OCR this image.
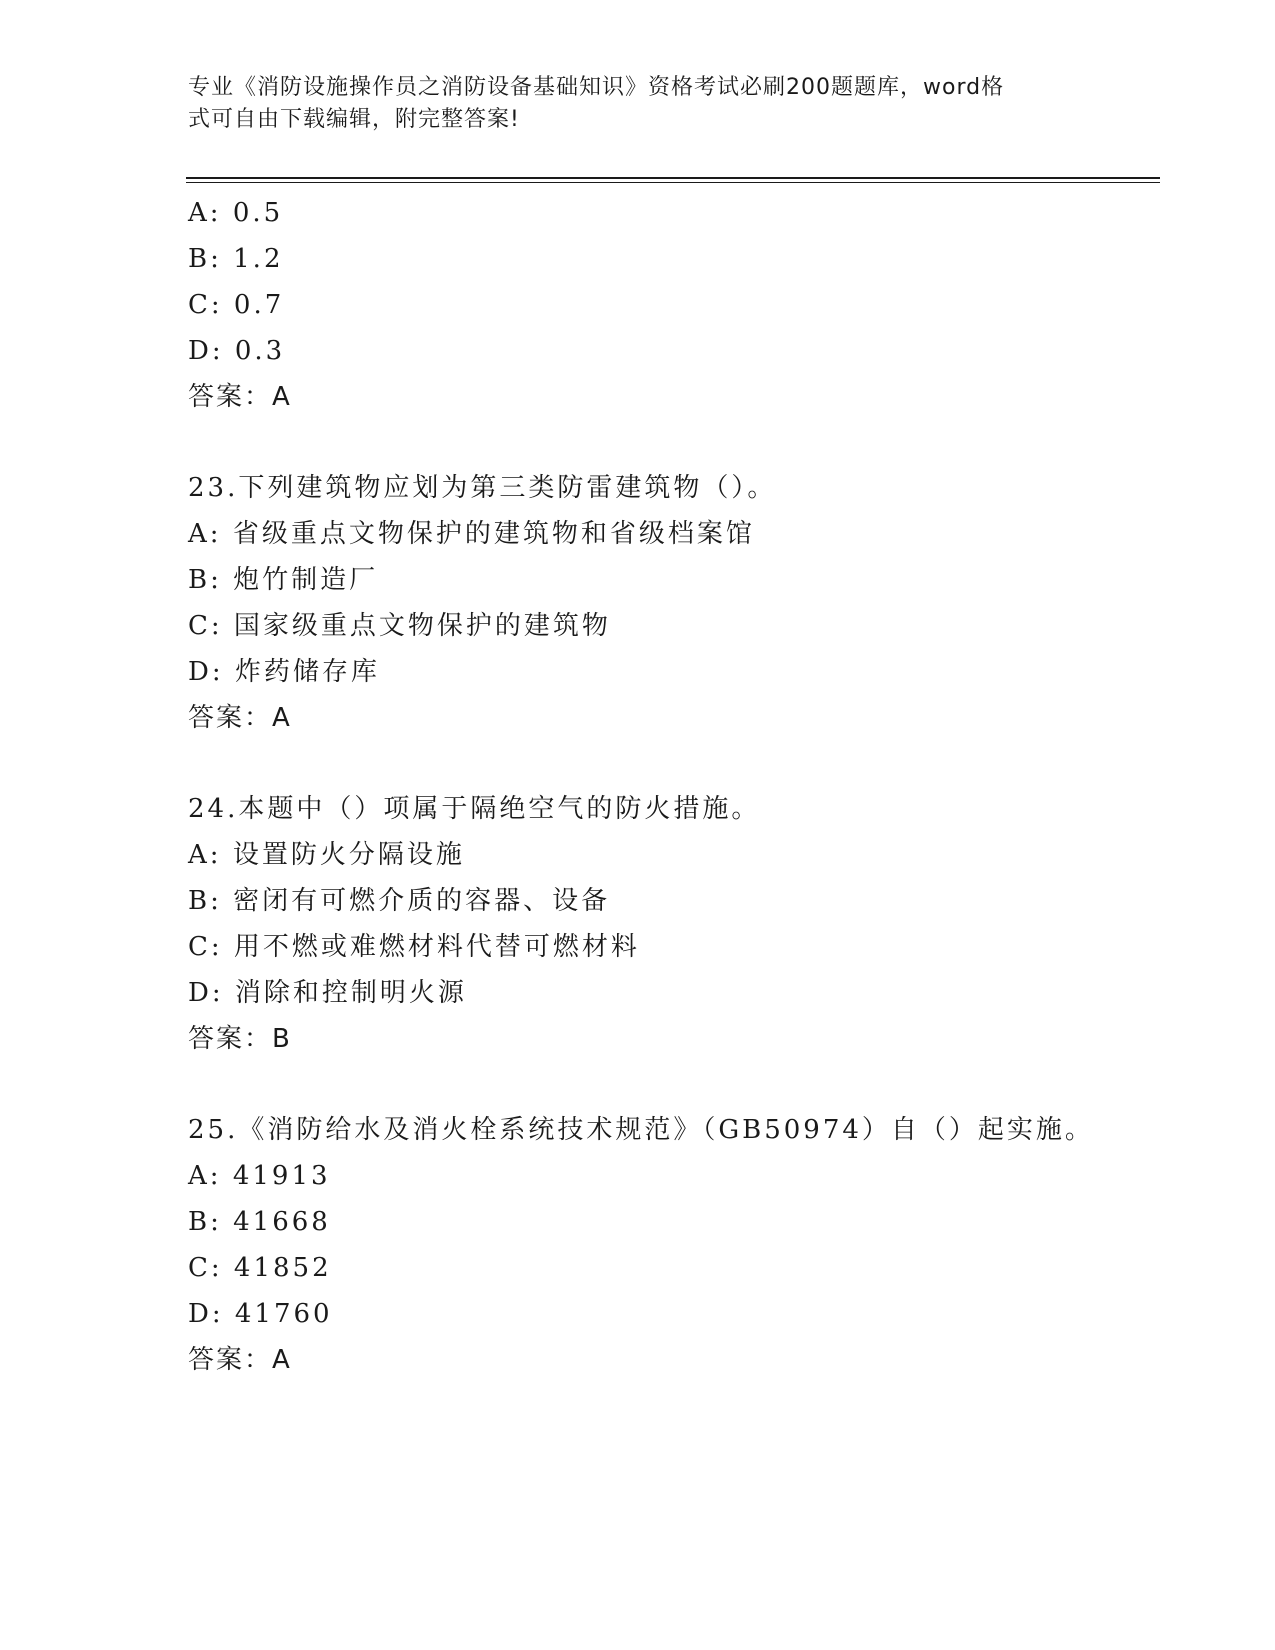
专业《消防设施操作员之消防设备基础知识》资格考试必刷200题题库，word格
式可自由下载编辑，附完整答案!
A: 0.5
B: 1.2
C: 0.7
D: 0.3
答案：A
23.下列建筑物应划为第三类防雷建筑物（）。
A: 省级重点文物保护的建筑物和省级档案馆
B: 炮竹制造厂
C: 国家级重点文物保护的建筑物
D: 炸药储存库
答案：A
24.本题中（）项属于隔绝空气的防火措施。
A: 设置防火分隔设施
B: 密闭有可燃介质的容器、设备
C: 用不燃或难燃材料代替可燃材料
D: 消除和控制明火源
答案：B
25.《消防给水及消火栓系统技术规范》（GB50974）自（）起实施。
A: 41913
B: 41668
C: 41852
D: 41760
答案：A
